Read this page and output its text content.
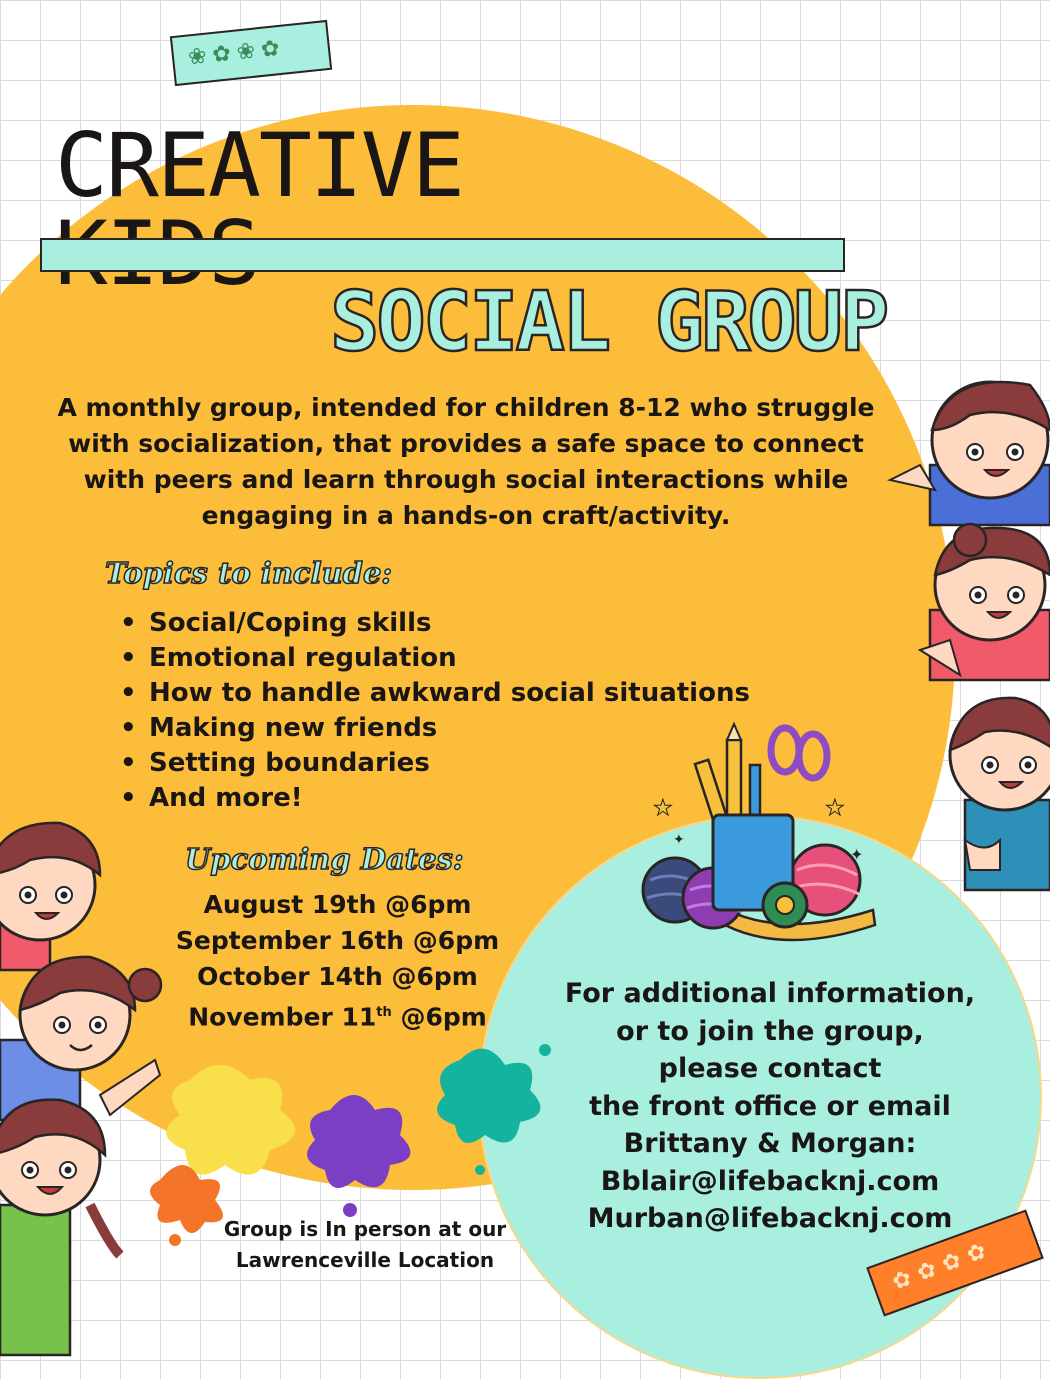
❀✿❀✿
✿✿✿✿
CREATIVE
SOCIAL GROUP
A monthly group, intended for children 8-12 who struggle with socialization, that provides a safe space to connect with peers and learn through social interactions while engaging in a hands-on craft/activity.
Topics to include:
• Social/Coping skills
• Emotional regulation
• How to handle awkward social situations
• Making new friends
• Setting boundaries
• And more!
Upcoming Dates:
August 19th @6pm
September 16th @6pm
October 14th @6pm
November 11th @6pm
For additional information,
or to join the group,
please contact
the front office or email
Brittany & Morgan:
Bblair@lifebacknj.com
Murban@lifebacknj.com
Group is In person at our
Lawrenceville Location
★	★
✦
✦
